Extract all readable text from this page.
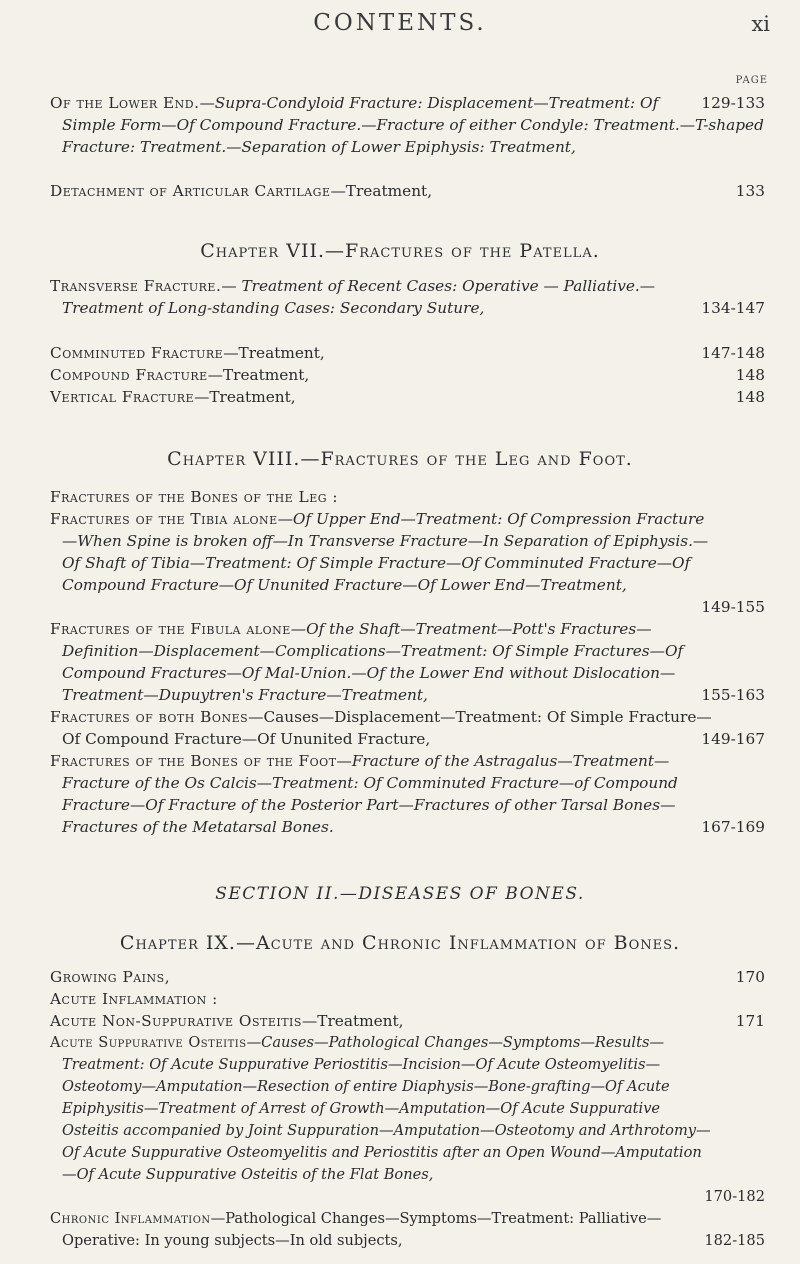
CONTENTS.	xi
PAGE
129-133
Of the Lower End.—Supra-Condyloid Fracture: Displacement—Treatment: Of Simple Form—Of Compound Fracture.—Fracture of either Condyle: Treatment.—T-shaped Fracture: Treatment.—Separation of Lower Epiphysis: Treatment,
133
Detachment of Articular Cartilage—Treatment,
Chapter VII.—Fractures of the Patella.
134-147
Transverse Fracture.— Treatment of Recent Cases: Operative — Palliative.— Treatment of Long-standing Cases: Secondary Suture,
147-148
Comminuted Fracture—Treatment,
148
Compound Fracture—Treatment,
148
Vertical Fracture—Treatment,
Chapter VIII.—Fractures of the Leg and Foot.
Fractures of the Bones of the Leg :
149-155
Fractures of the Tibia alone—Of Upper End—Treatment: Of Compression Fracture—When Spine is broken off—In Transverse Fracture—In Separation of Epiphysis.—Of Shaft of Tibia—Treatment: Of Simple Fracture—Of Comminuted Fracture—Of Compound Fracture—Of Ununited Fracture—Of Lower End—Treatment,
155-163
Fractures of the Fibula alone—Of the Shaft—Treatment—Pott's Fractures—Definition—Displacement—Complications—Treatment: Of Simple Fractures—Of Compound Fractures—Of Mal-Union.—Of the Lower End without Dislocation—Treatment—Dupuytren's Fracture—Treatment,
149-167
Fractures of both Bones—Causes—Displacement—Treatment: Of Simple Fracture—Of Compound Fracture—Of Ununited Fracture,
167-169
Fractures of the Bones of the Foot—Fracture of the Astragalus—Treatment—Fracture of the Os Calcis—Treatment: Of Comminuted Fracture—of Compound Fracture—Of Fracture of the Posterior Part—Fractures of other Tarsal Bones—Fractures of the Metatarsal Bones.
SECTION II.—DISEASES OF BONES.
Chapter IX.—Acute and Chronic Inflammation of Bones.
170
Growing Pains,
Acute Inflammation :
171
Acute Non-Suppurative Osteitis—Treatment,
170-182
Acute Suppurative Osteitis—Causes—Pathological Changes—Symptoms—Results—Treatment: Of Acute Suppurative Periostitis—Incision—Of Acute Osteomyelitis—Osteotomy—Amputation—Resection of entire Diaphysis—Bone-grafting—Of Acute Epiphysitis—Treatment of Arrest of Growth—Amputation—Of Acute Suppurative Osteitis accompanied by Joint Suppuration—Amputation—Osteotomy and Arthrotomy—Of Acute Suppurative Osteomyelitis and Periostitis after an Open Wound—Amputation—Of Acute Suppurative Osteitis of the Flat Bones,
182-185
Chronic Inflammation—Pathological Changes—Symptoms—Treatment: Palliative—Operative: In young subjects—In old subjects,
